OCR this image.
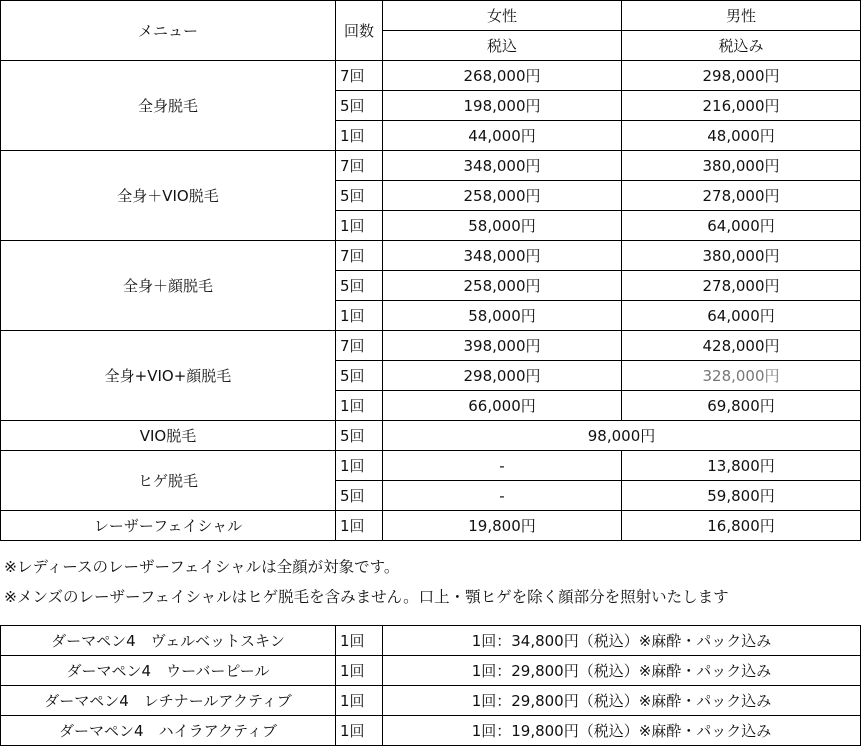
メニュー	回数	女性	男性
		税込	税込み
全身脱毛	7回	268,000円	298,000円
	5回	198,000円	216,000円
	1回	44,000円	48,000円
全身＋VIO脱毛	7回	348,000円	380,000円
	5回	258,000円	278,000円
	1回	58,000円	64,000円
全身＋顔脱毛	7回	348,000円	380,000円
	5回	258,000円	278,000円
	1回	58,000円	64,000円
全身+VIO+顔脱毛	7回	398,000円	428,000円
	5回	298,000円	328,000円
	1回	66,000円	69,800円
VIO脱毛	5回	98,000円	
ヒゲ脱毛	1回	-	13,800円
	5回	-	59,800円
レーザーフェイシャル	1回	19,800円	16,800円
※レディースのレーザーフェイシャルは全顔が対象です。
※メンズのレーザーフェイシャルはヒゲ脱毛を含みません。口上・顎ヒゲを除く顔部分を照射いたします
ダーマペン4　ヴェルベットスキン	1回	1回：34,800円（税込）※麻酔・パック込み
ダーマペン4　ウーバーピール	1回	1回：29,800円（税込）※麻酔・パック込み
ダーマペン4　レチナールアクティブ	1回	1回：29,800円（税込）※麻酔・パック込み
ダーマペン4　ハイラアクティブ	1回	1回：19,800円（税込）※麻酔・パック込み
